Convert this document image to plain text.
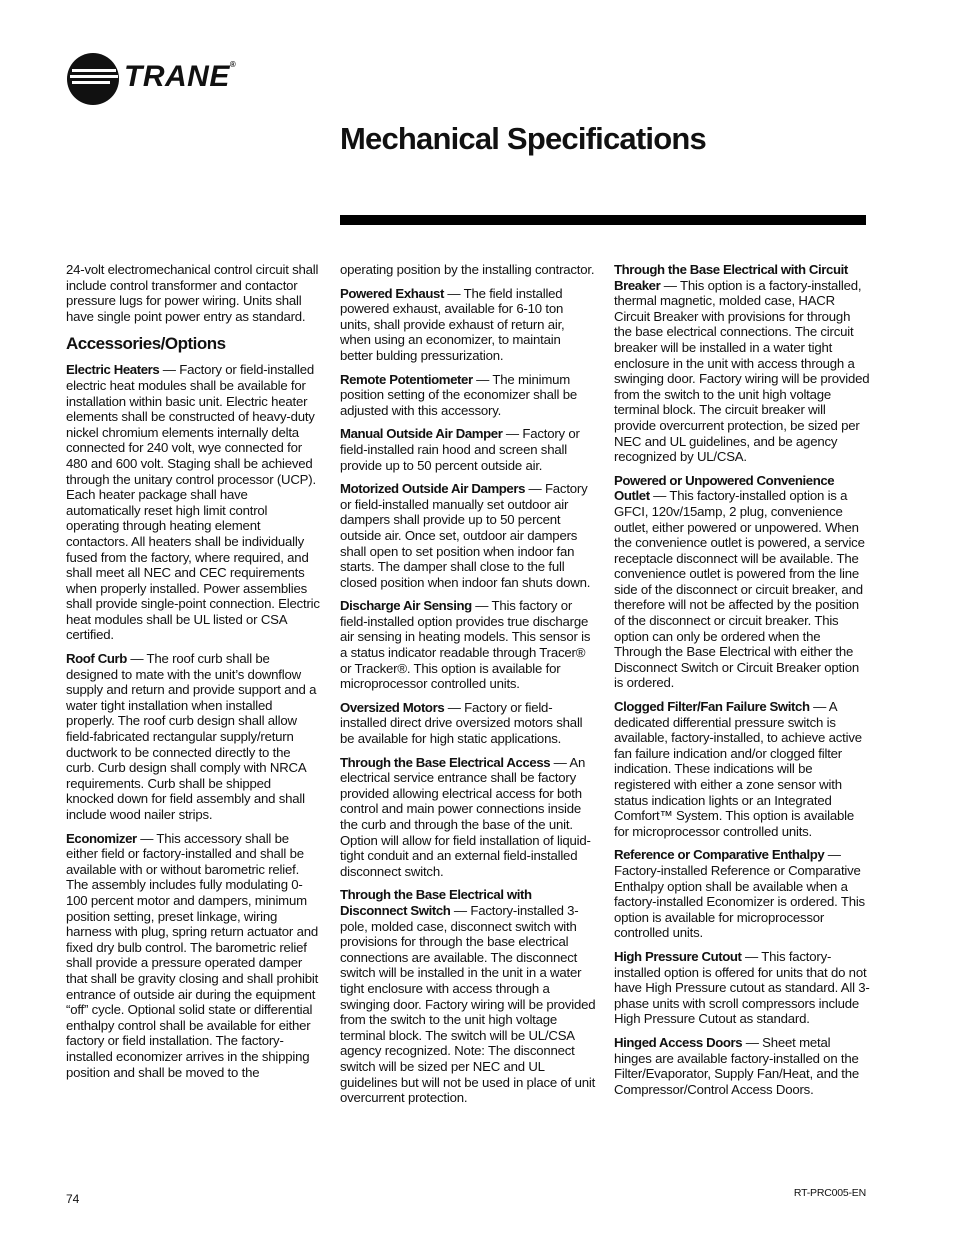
TRANE®
Mechanical Specifications

24-volt electromechanical control circuit shall include control transformer and contactor pressure lugs for power wiring. Units shall have single point power entry as standard.

Accessories/Options

Electric Heaters — Factory or field-installed electric heat modules shall be available for installation within basic unit. Electric heater elements shall be constructed of heavy-duty nickel chromium elements internally delta connected for 240 volt, wye connected for 480 and 600 volt. Staging shall be achieved through the unitary control processor (UCP). Each heater package shall have automatically reset high limit control operating through heating element contactors. All heaters shall be individually fused from the factory, where required, and shall meet all NEC and CEC requirements when properly installed. Power assemblies shall provide single-point connection. Electric heat modules shall be UL listed or CSA certified.

Roof Curb — The roof curb shall be designed to mate with the unit’s downflow supply and return and provide support and a water tight installation when installed properly. The roof curb design shall allow field-fabricated rectangular supply/return ductwork to be connected directly to the curb. Curb design shall comply with NRCA requirements. Curb shall be shipped knocked down for field assembly and shall include wood nailer strips.

Economizer — This accessory shall be either field or factory-installed and shall be available with or without barometric relief. The assembly includes fully modulating 0-100 percent motor and dampers, minimum position setting, preset linkage, wiring harness with plug, spring return actuator and fixed dry bulb control. The barometric relief shall provide a pressure operated damper that shall be gravity closing and shall prohibit entrance of outside air during the equipment “off” cycle. Optional solid state or differential enthalpy control shall be available for either factory or field installation. The factory-installed economizer arrives in the shipping position and shall be moved to the

operating position by the installing contractor.

Powered Exhaust — The field installed powered exhaust, available for 6-10 ton units, shall provide exhaust of return air, when using an economizer, to maintain better bulding pressurization.

Remote Potentiometer — The minimum position setting of the economizer shall be adjusted with this accessory.

Manual Outside Air Damper — Factory or field-installed rain hood and screen shall provide up to 50 percent outside air.

Motorized Outside Air Dampers — Factory or field-installed manually set outdoor air dampers shall provide up to 50 percent outside air. Once set, outdoor air dampers shall open to set position when indoor fan starts. The damper shall close to the full closed position when indoor fan shuts down.

Discharge Air Sensing — This factory or field-installed option provides true discharge air sensing in heating models. This sensor is a status indicator readable through Tracer® or Tracker®. This option is available for microprocessor controlled units.

Oversized Motors — Factory or field-installed direct drive oversized motors shall be available for high static applications.

Through the Base Electrical Access — An electrical service entrance shall be factory provided allowing electrical access for both control and main power connections inside the curb and through the base of the unit. Option will allow for field installation of liquid-tight conduit and an external field-installed disconnect switch.

Through the Base Electrical with Disconnect Switch — Factory-installed 3-pole, molded case, disconnect switch with provisions for through the base electrical connections are available. The disconnect switch will be installed in the unit in a water tight enclosure with access through a swinging door. Factory wiring will be provided from the switch to the unit high voltage terminal block. The switch will be UL/CSA agency recognized. Note: The disconnect switch will be sized per NEC and UL guidelines but will not be used in place of unit overcurrent protection.

Through the Base Electrical with Circuit Breaker — This option is a factory-installed, thermal magnetic, molded case, HACR Circuit Breaker with provisions for through the base electrical connections. The circuit breaker will be installed in a water tight enclosure in the unit with access through a swinging door. Factory wiring will be provided from the switch to the unit high voltage terminal block. The circuit breaker will provide overcurrent protection, be sized per NEC and UL guidelines, and be agency recognized by UL/CSA.

Powered or Unpowered Convenience Outlet — This factory-installed option is a GFCI, 120v/15amp, 2 plug, convenience outlet, either powered or unpowered. When the convenience outlet is powered, a service receptacle disconnect will be available. The convenience outlet is powered from the line side of the disconnect or circuit breaker, and therefore will not be affected by the position of the disconnect or circuit breaker. This option can only be ordered when the Through the Base Electrical with either the Disconnect Switch or Circuit Breaker option is ordered.

Clogged Filter/Fan Failure Switch — A dedicated differential pressure switch is available, factory-installed, to achieve active fan failure indication and/or clogged filter indication. These indications will be registered with either a zone sensor with status indication lights or an Integrated Comfort™ System. This option is available for microprocessor controlled units.

Reference or Comparative Enthalpy — Factory-installed Reference or Comparative Enthalpy option shall be available when a factory-installed Economizer is ordered. This option is available for microprocessor controlled units.

High Pressure Cutout — This factory-installed option is offered for units that do not have High Pressure cutout as standard. All 3-phase units with scroll compressors include High Pressure Cutout as standard.

Hinged Access Doors — Sheet metal hinges are available factory-installed on the Filter/Evaporator, Supply Fan/Heat, and the Compressor/Control Access Doors.

74	RT-PRC005-EN
